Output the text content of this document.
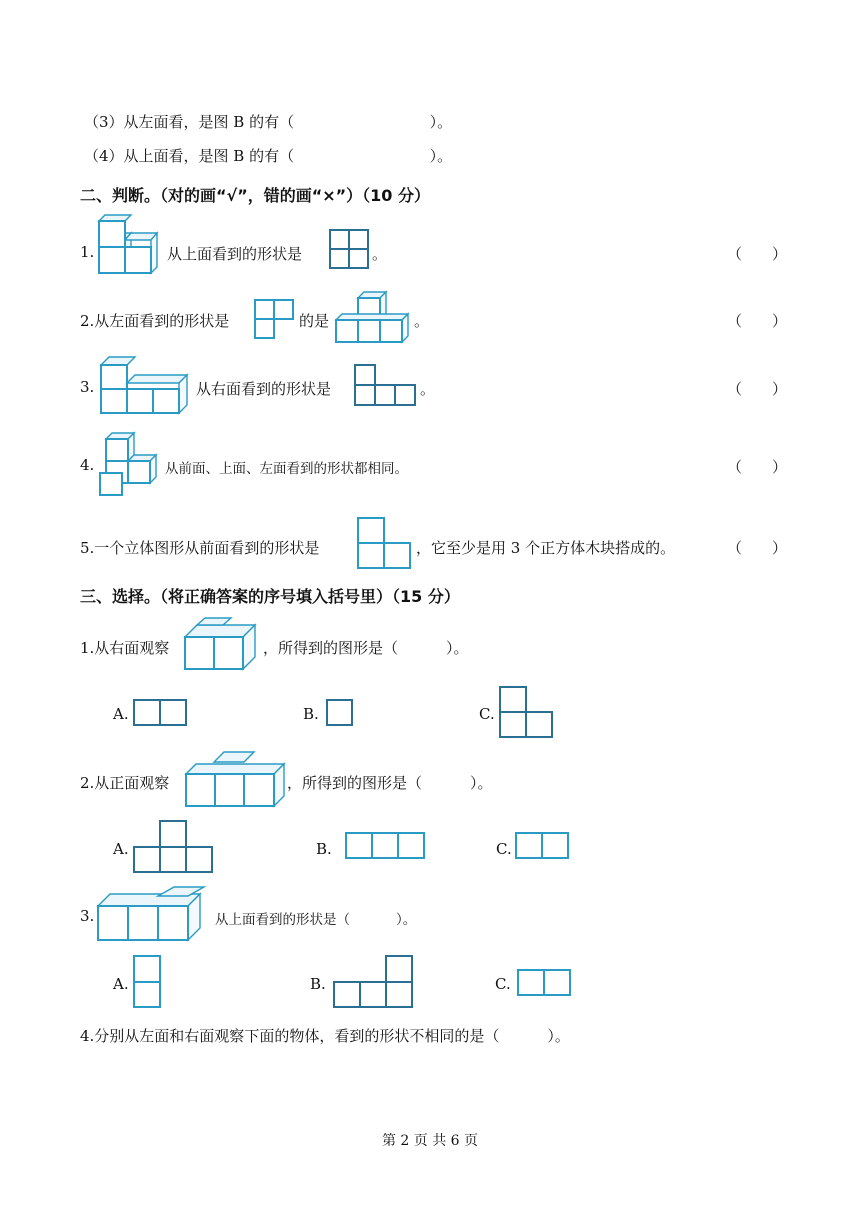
（3）从左面看，是图 B 的有（	）。
（4）从上面看，是图 B 的有（	）。
二、判断。（对的画“√”，错的画“×”）（10 分）
1.	从上面看到的形状是	。	（　　）
2.从左面看到的形状是	的是	。	（　　）
3.	从右面看到的形状是	。	（　　）
4.	从前面、上面、左面看到的形状都相同。	（　　）
5.一个立体图形从前面看到的形状是	，它至少是用 3 个正方体木块搭成的。	（　　）
三、选择。（将正确答案的序号填入括号里）（15 分）
1.从右面观察	，所得到的图形是（	）。
A.	B.	C.
2.从正面观察	，所得到的图形是（	）。
A.	B.	C.
3.	从上面看到的形状是（	）。
A.	B.	C.
4.分别从左面和右面观察下面的物体，看到的形状不相同的是（	）。
第 2 页 共 6 页
